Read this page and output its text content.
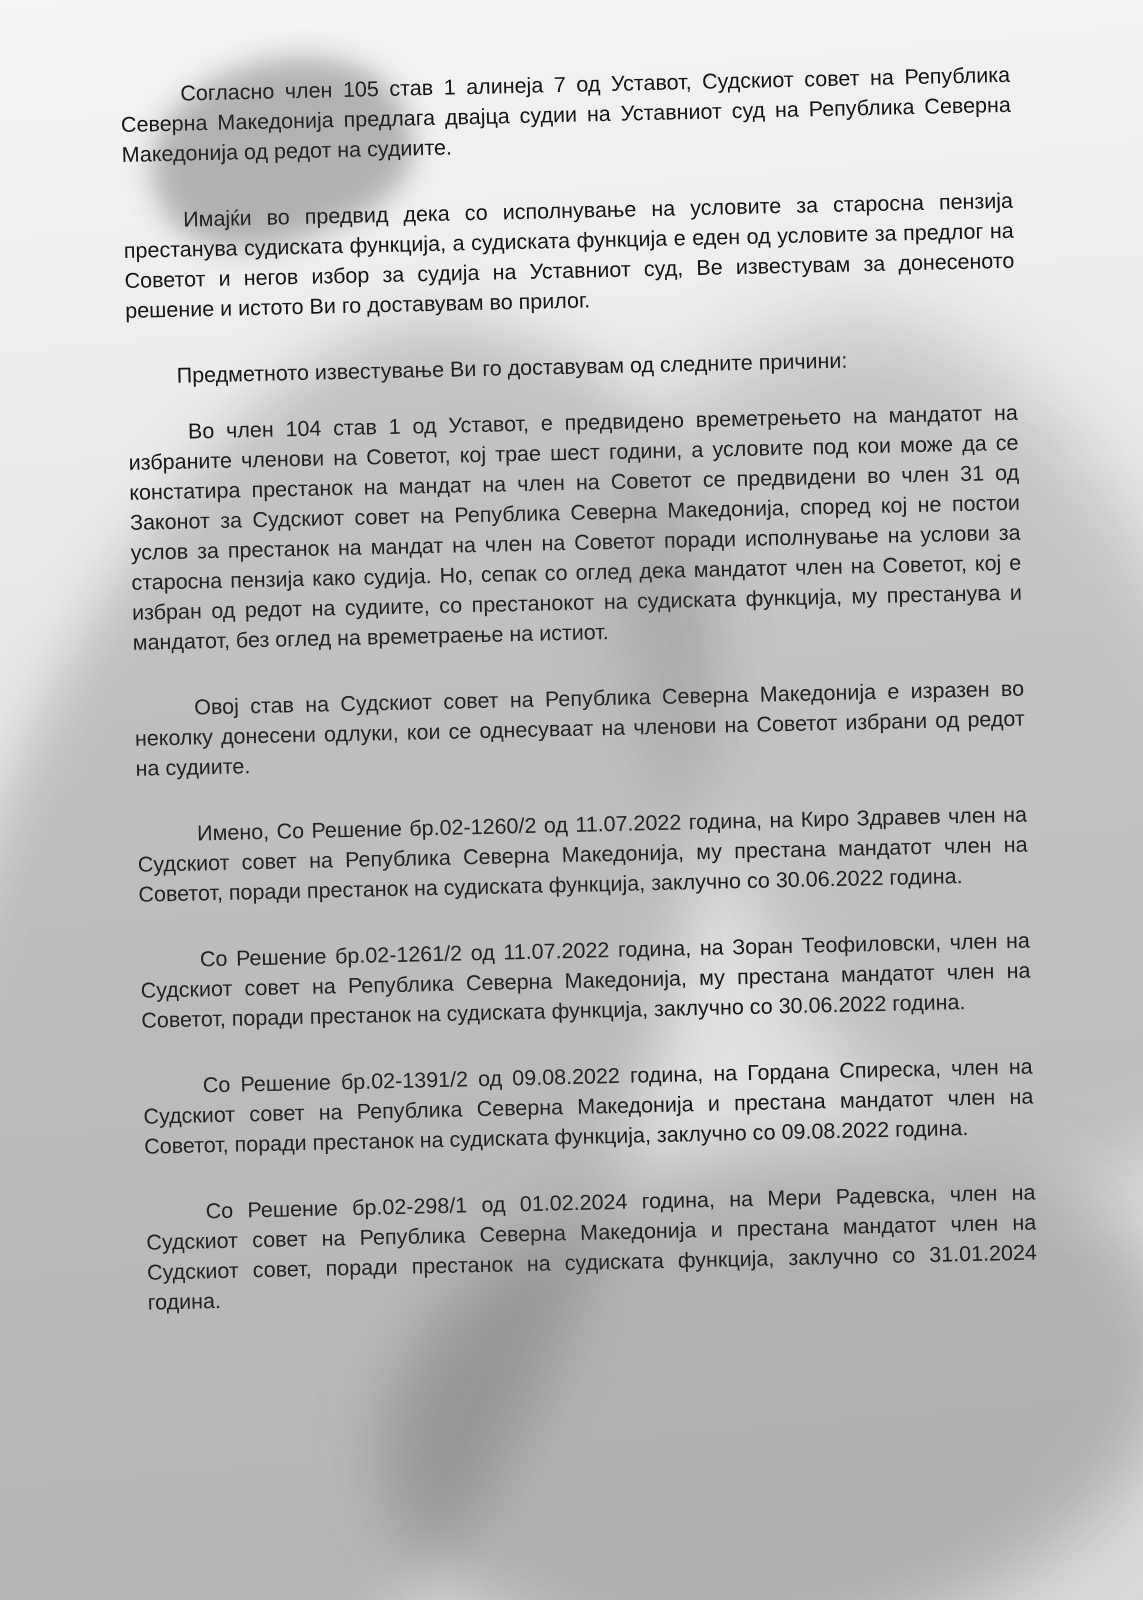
Согласно член 105 став 1 алинеја 7 од Уставот, Судскиот совет на Република Северна Македонија предлага двајца судии на Уставниот суд на Република Северна Македонија од редот на судиите.

Имајќи во предвид дека со исполнување на условите за старосна пензија престанува судиската функција, а судиската функција е еден од условите за предлог на Советот и негов избор за судија на Уставниот суд, Ве известувам за донесеното решение и истото Ви го доставувам во прилог.

Предметното известување Ви го доставувам од следните причини:

Во член 104 став 1 од Уставот, е предвидено времетрењето на мандатот на избраните членови на Советот, кој трае шест години, а условите под кои може да се констатира престанок на мандат на член на Советот се предвидени во член 31 од Законот за Судскиот совет на Република Северна Македонија, според кој не постои услов за престанок на мандат на член на Советот поради исполнување на услови за старосна пензија како судија. Но, сепак со оглед дека мандатот член на Советот, кој е избран од редот на судиите, со престанокот на судиската функција, му престанува и мандатот, без оглед на времетраење на истиот.

Овој став на Судскиот совет на Република Северна Македонија е изразен во неколку донесени одлуки, кои се однесуваат на членови на Советот избрани од редот на судиите.

Имено, Со Решение бр.02-1260/2 од 11.07.2022 година, на Киро Здравев член на Судскиот совет на Република Северна Македонија, му престана мандатот член на Советот, поради престанок на судиската функција, заклучно со 30.06.2022 година.

Со Решение бр.02-1261/2 од 11.07.2022 година, на Зоран Теофиловски, член на Судскиот совет на Република Северна Македонија, му престана мандатот член на Советот, поради престанок на судиската функција, заклучно со 30.06.2022 година.

Со Решение бр.02-1391/2 од 09.08.2022 година, на Гордана Спиреска, член на Судскиот совет на Република Северна Македонија и престана мандатот член на Советот, поради престанок на судиската функција, заклучно со 09.08.2022 година.

Со Решение бр.02-298/1 од 01.02.2024 година, на Мери Радевска, член на Судскиот совет на Република Северна Македонија и престана мандатот член на Судскиот совет, поради престанок на судиската функција, заклучно со 31.01.2024 година.
